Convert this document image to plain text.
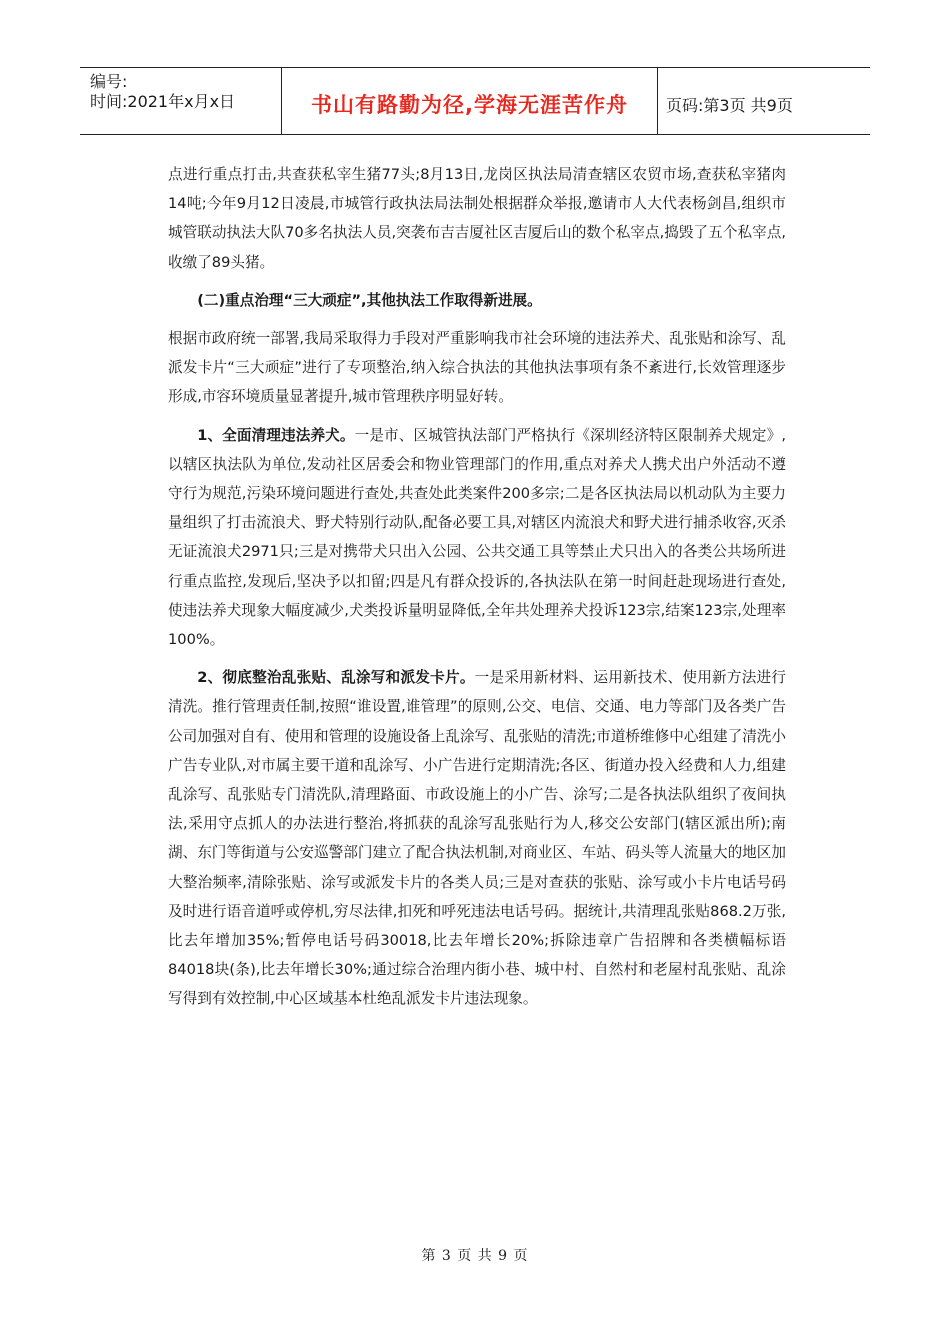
编号:
时间:2021年x月x日	书山有路勤为径,学海无涯苦作舟	页码:第3页 共9页

点进行重点打击,共查获私宰生猪77头;8月13日,龙岗区执法局清查辖区农贸市场,查获私宰猪肉14吨;今年9月12日凌晨,市城管行政执法局法制处根据群众举报,邀请市人大代表杨剑昌,组织市城管联动执法大队70多名执法人员,突袭布吉吉厦社区吉厦后山的数个私宰点,捣毁了五个私宰点,收缴了89头猪。

(二)重点治理“三大顽症”,其他执法工作取得新进展。

根据市政府统一部署,我局采取得力手段对严重影响我市社会环境的违法养犬、乱张贴和涂写、乱派发卡片“三大顽症”进行了专项整治,纳入综合执法的其他执法事项有条不紊进行,长效管理逐步形成,市容环境质量显著提升,城市管理秩序明显好转。

1、全面清理违法养犬。一是市、区城管执法部门严格执行《深圳经济特区限制养犬规定》,以辖区执法队为单位,发动社区居委会和物业管理部门的作用,重点对养犬人携犬出户外活动不遵守行为规范,污染环境问题进行查处,共查处此类案件200多宗;二是各区执法局以机动队为主要力量组织了打击流浪犬、野犬特别行动队,配备必要工具,对辖区内流浪犬和野犬进行捕杀收容,灭杀无证流浪犬2971只;三是对携带犬只出入公园、公共交通工具等禁止犬只出入的各类公共场所进行重点监控,发现后,坚决予以扣留;四是凡有群众投诉的,各执法队在第一时间赶赴现场进行查处,使违法养犬现象大幅度减少,犬类投诉量明显降低,全年共处理养犬投诉123宗,结案123宗,处理率100%。

2、彻底整治乱张贴、乱涂写和派发卡片。一是采用新材料、运用新技术、使用新方法进行清洗。推行管理责任制,按照“谁设置,谁管理”的原则,公交、电信、交通、电力等部门及各类广告公司加强对自有、使用和管理的设施设备上乱涂写、乱张贴的清洗;市道桥维修中心组建了清洗小广告专业队,对市属主要干道和乱涂写、小广告进行定期清洗;各区、街道办投入经费和人力,组建乱涂写、乱张贴专门清洗队,清理路面、市政设施上的小广告、涂写;二是各执法队组织了夜间执法,采用守点抓人的办法进行整治,将抓获的乱涂写乱张贴行为人,移交公安部门(辖区派出所);南湖、东门等街道与公安巡警部门建立了配合执法机制,对商业区、车站、码头等人流量大的地区加大整治频率,清除张贴、涂写或派发卡片的各类人员;三是对查获的张贴、涂写或小卡片电话号码及时进行语音道呼或停机,穷尽法律,扣死和呼死违法电话号码。据统计,共清理乱张贴868.2万张,比去年增加35%;暂停电话号码30018,比去年增长20%;拆除违章广告招牌和各类横幅标语84018块(条),比去年增长30%;通过综合治理内街小巷、城中村、自然村和老屋村乱张贴、乱涂写得到有效控制,中心区域基本杜绝乱派发卡片违法现象。

第 3 页 共 9 页
